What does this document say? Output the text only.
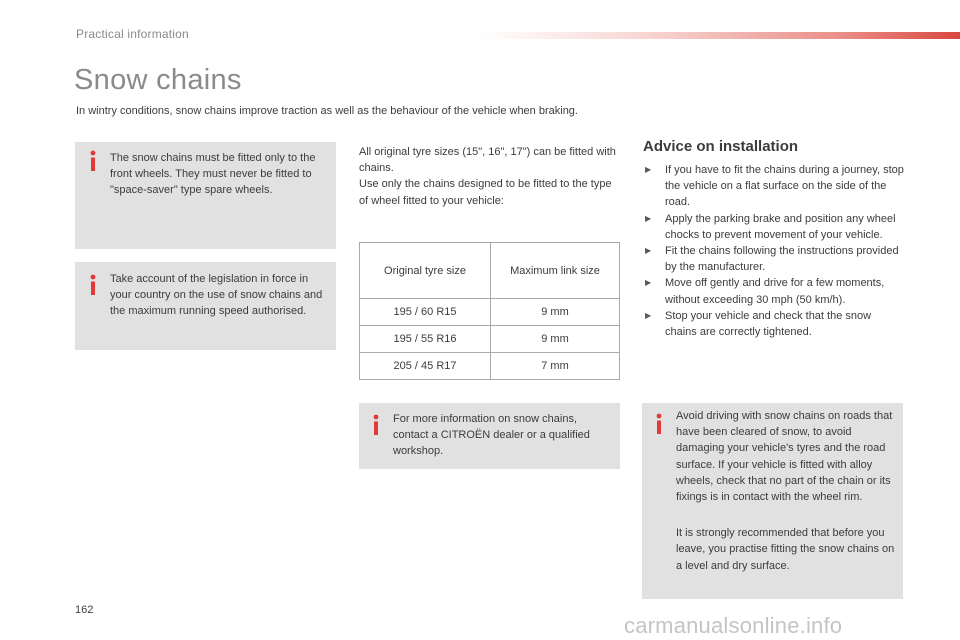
Practical information
Snow chains

In wintry conditions, snow chains improve traction as well as the behaviour of the vehicle when braking.

The snow chains must be fitted only to the front wheels. They must never be fitted to "space-saver" type spare wheels.

Take account of the legislation in force in your country on the use of snow chains and the maximum running speed authorised.

All original tyre sizes (15", 16", 17") can be fitted with chains.
Use only the chains designed to be fitted to the type of wheel fitted to your vehicle:

Original tyre size	Maximum link size
195 / 60 R15	9 mm
195 / 55 R16	9 mm
205 / 45 R17	7 mm

For more information on snow chains, contact a CITROËN dealer or a qualified workshop.

Advice on installation
▶ If you have to fit the chains during a journey, stop the vehicle on a flat surface on the side of the road.
▶ Apply the parking brake and position any wheel chocks to prevent movement of your vehicle.
▶ Fit the chains following the instructions provided by the manufacturer.
▶ Move off gently and drive for a few moments, without exceeding 30 mph (50 km/h).
▶ Stop your vehicle and check that the snow chains are correctly tightened.

Avoid driving with snow chains on roads that have been cleared of snow, to avoid damaging your vehicle's tyres and the road surface. If your vehicle is fitted with alloy wheels, check that no part of the chain or its fixings is in contact with the wheel rim.

It is strongly recommended that before you leave, you practise fitting the snow chains on a level and dry surface.

162
carmanualsonline.info
